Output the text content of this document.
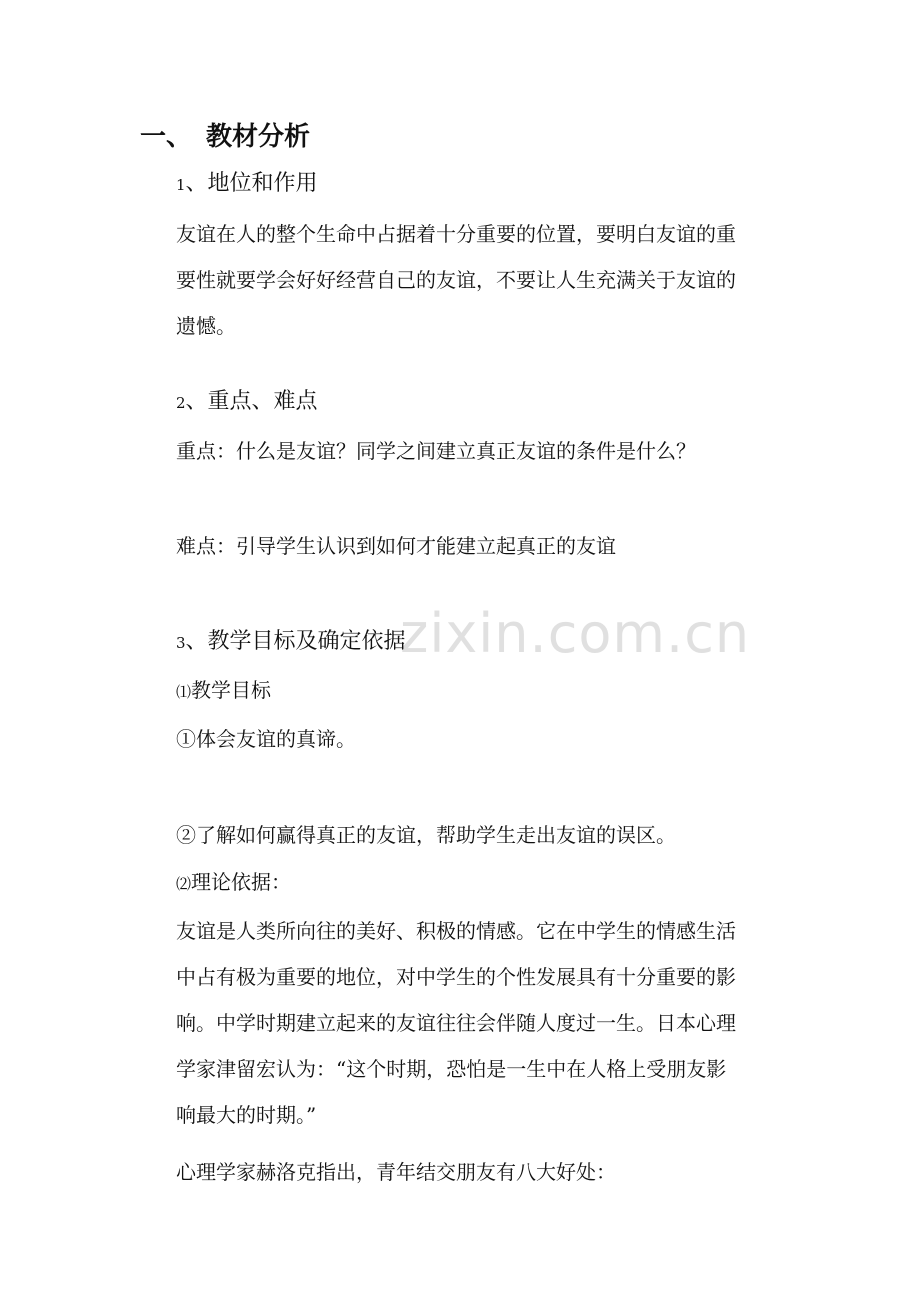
一、 教材分析
1、地位和作用
友谊在人的整个生命中占据着十分重要的位置，要明白友谊的重
要性就要学会好好经营自己的友谊，不要让人生充满关于友谊的
遗憾。
2、重点、难点
重点：什么是友谊？同学之间建立真正友谊的条件是什么？
难点：引导学生认识到如何才能建立起真正的友谊
zixin.com.cn
3、教学目标及确定依据
⑴教学目标
①体会友谊的真谛。
②了解如何赢得真正的友谊，帮助学生走出友谊的误区。
⑵理论依据：
友谊是人类所向往的美好、积极的情感。它在中学生的情感生活
中占有极为重要的地位，对中学生的个性发展具有十分重要的影
响。中学时期建立起来的友谊往往会伴随人度过一生。日本心理
学家津留宏认为：“这个时期，恐怕是一生中在人格上受朋友影
响最大的时期。”
心理学家赫洛克指出，青年结交朋友有八大好处：
